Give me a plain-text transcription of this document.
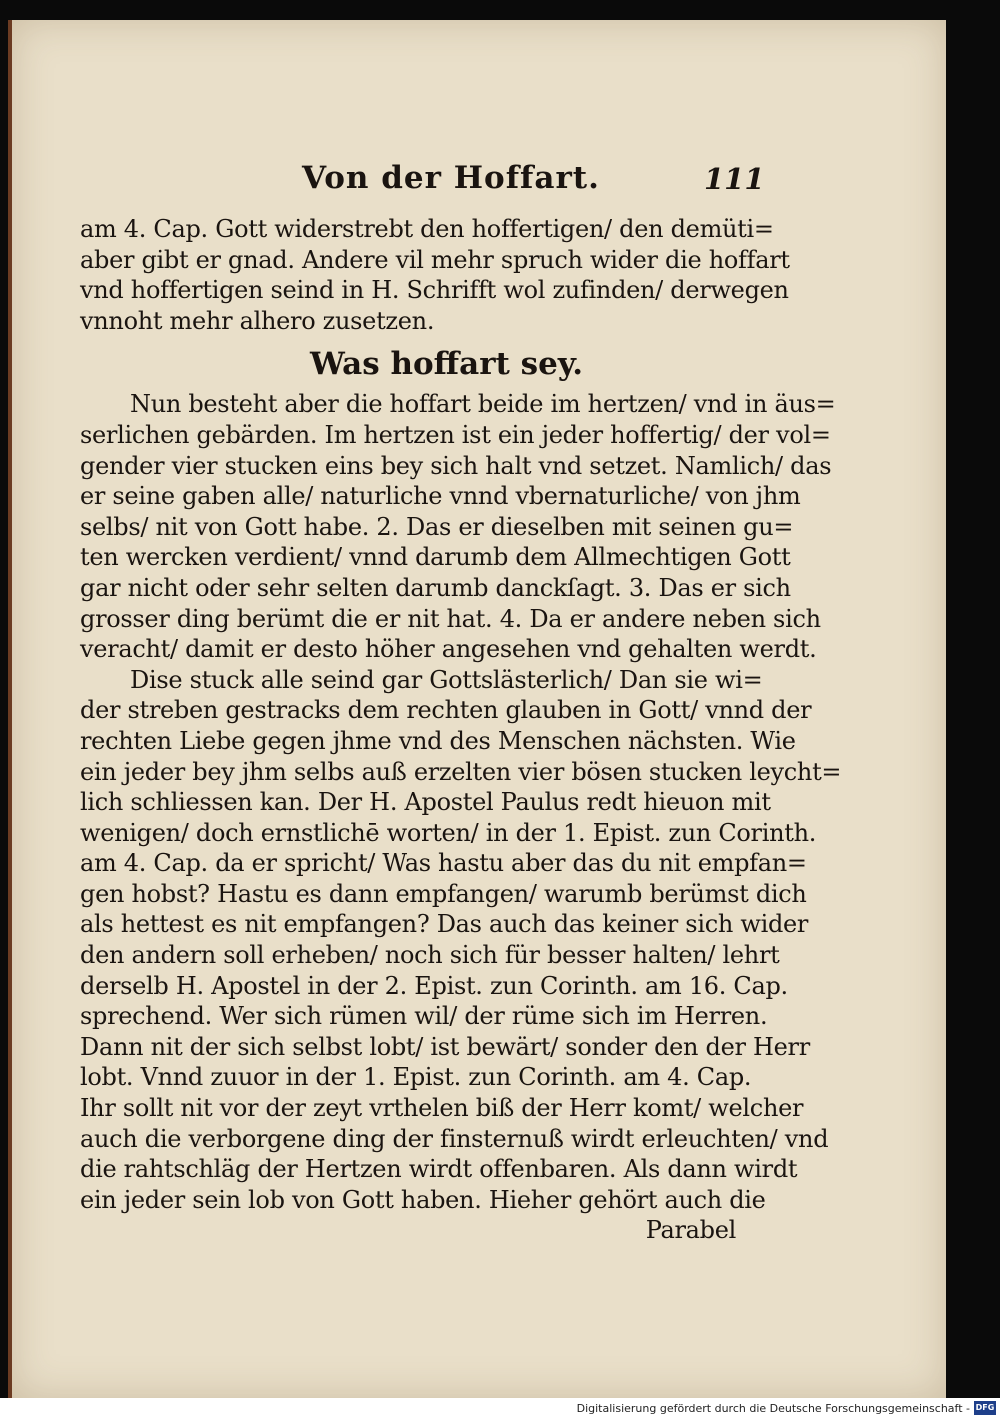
Von der Hoffart.	111
am 4. Cap. Gott widerstrebt den hoffertigen/ den demüti=
aber gibt er gnad. Andere vil mehr spruch wider die hoffart
vnd hoffertigen seind in H. Schrifft wol zufinden/ derwegen
vnnoht mehr alhero zusetzen.
Was hoffart sey.
Nun besteht aber die hoffart beide im hertzen/ vnd in äus=
serlichen gebärden. Im hertzen ist ein jeder hoffertig/ der vol=
gender vier stucken eins bey sich halt vnd setzet. Namlich/ das
er seine gaben alle/ naturliche vnnd vbernaturliche/ von jhm
selbs/ nit von Gott habe. 2. Das er dieselben mit seinen gu=
ten wercken verdient/ vnnd darumb dem Allmechtigen Gott
gar nicht oder sehr selten darumb danckſagt. 3. Das er sich
grosser ding berümt die er nit hat. 4. Da er andere neben sich
veracht/ damit er desto höher angesehen vnd gehalten werdt.
Dise stuck alle seind gar Gottslästerlich/ Dan sie wi=
der streben gestracks dem rechten glauben in Gott/ vnnd der
rechten Liebe gegen jhme vnd des Menschen nächsten. Wie
ein jeder bey jhm selbs auß erzelten vier bösen stucken leycht=
lich schliessen kan. Der H. Apostel Paulus redt hieuon mit
wenigen/ doch ernstlichē worten/ in der 1. Epist. zun Corinth.
am 4. Cap. da er spricht/ Was hastu aber das du nit empfan=
gen hobst? Hastu es dann empfangen/ warumb berümst dich
als hettest es nit empfangen? Das auch das keiner sich wider
den andern soll erheben/ noch sich für besser halten/ lehrt
derselb H. Apostel in der 2. Epist. zun Corinth. am 16. Cap.
sprechend. Wer sich rümen wil/ der rüme sich im Herren.
Dann nit der sich selbst lobt/ ist bewärt/ sonder den der Herr
lobt. Vnnd zuuor in der 1. Epist. zun Corinth. am 4. Cap.
Ihr sollt nit vor der zeyt vrthelen biß der Herr komt/ welcher
auch die verborgene ding der finsternuß wirdt erleuchten/ vnd
die rahtschläg der Hertzen wirdt offenbaren. Als dann wirdt
ein jeder sein lob von Gott haben. Hieher gehört auch die
Parabel
Digitalisierung gefördert durch die Deutsche Forschungsgemeinschaft - DFG
